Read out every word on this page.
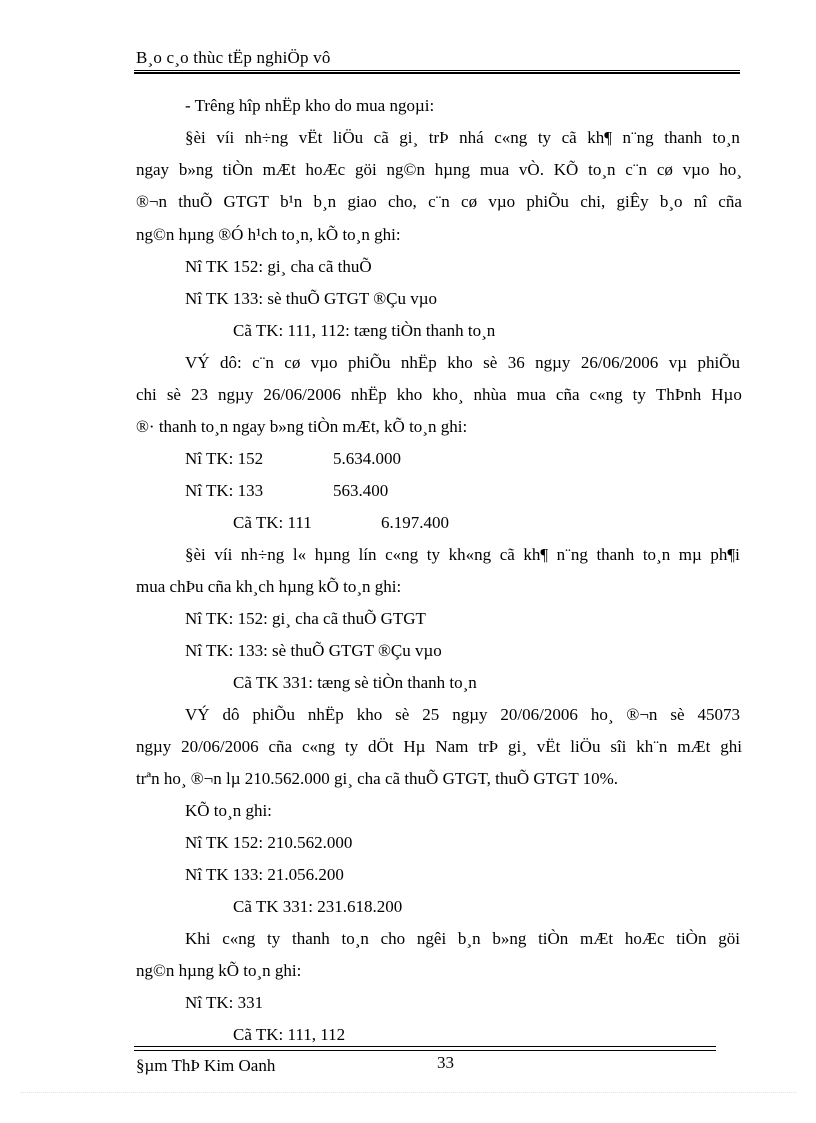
B¸o c¸o thùc tËp nghiÖp vô
- Trêng hîp nhËp kho do mua ngoµi:
§èi víi nh÷ng vËt liÖu cã gi¸ trÞ nhá c«ng ty cã kh¶ n¨ng thanh to¸n
ngay b»ng tiÒn mÆt hoÆc göi ng©n hµng mua vÒ. KÕ to¸n c¨n cø vµo ho¸
®¬n thuÕ GTGT b¹n b¸n giao cho, c¨n cø vµo phiÕu chi, giÊy b¸o nî cña
ng©n hµng ®Ó h¹ch to¸n, kÕ to¸n ghi:
Nî TK 152: gi¸ cha cã thuÕ
Nî TK 133: sè thuÕ GTGT ®Çu vµo
Cã TK: 111, 112: tæng tiÒn thanh to¸n
VÝ dô: c¨n cø vµo phiÕu nhËp kho sè 36 ngµy 26/06/2006 vµ phiÕu
chi sè 23 ngµy 26/06/2006 nhËp kho kho¸ nhùa mua cña c«ng ty ThÞnh Hµo
®· thanh to¸n ngay b»ng tiÒn mÆt, kÕ to¸n ghi:
Nî TK: 152	5.634.000
Nî TK: 133	563.400
Cã TK: 111	6.197.400
§èi víi nh÷ng l« hµng lín c«ng ty kh«ng cã kh¶ n¨ng thanh to¸n mµ ph¶i
mua chÞu cña kh¸ch hµng kÕ to¸n ghi:
Nî TK: 152: gi¸ cha cã thuÕ GTGT
Nî TK: 133: sè thuÕ GTGT ®Çu vµo
Cã TK 331: tæng sè tiÒn thanh to¸n
VÝ dô phiÕu nhËp kho sè 25 ngµy 20/06/2006 ho¸ ®¬n sè 45073
ngµy 20/06/2006 cña c«ng ty dÖt Hµ Nam trÞ gi¸ vËt liÖu sîi kh¨n mÆt ghi
trªn ho¸ ®¬n lµ 210.562.000 gi¸ cha cã thuÕ GTGT, thuÕ GTGT 10%.
KÕ to¸n ghi:
Nî TK 152: 210.562.000
Nî TK 133: 21.056.200
Cã TK 331: 231.618.200
Khi c«ng ty thanh to¸n cho ngêi b¸n b»ng tiÒn mÆt hoÆc tiÒn göi
ng©n hµng kÕ to¸n ghi:
Nî TK: 331
Cã TK: 111, 112
§µm ThÞ Kim Oanh	33
